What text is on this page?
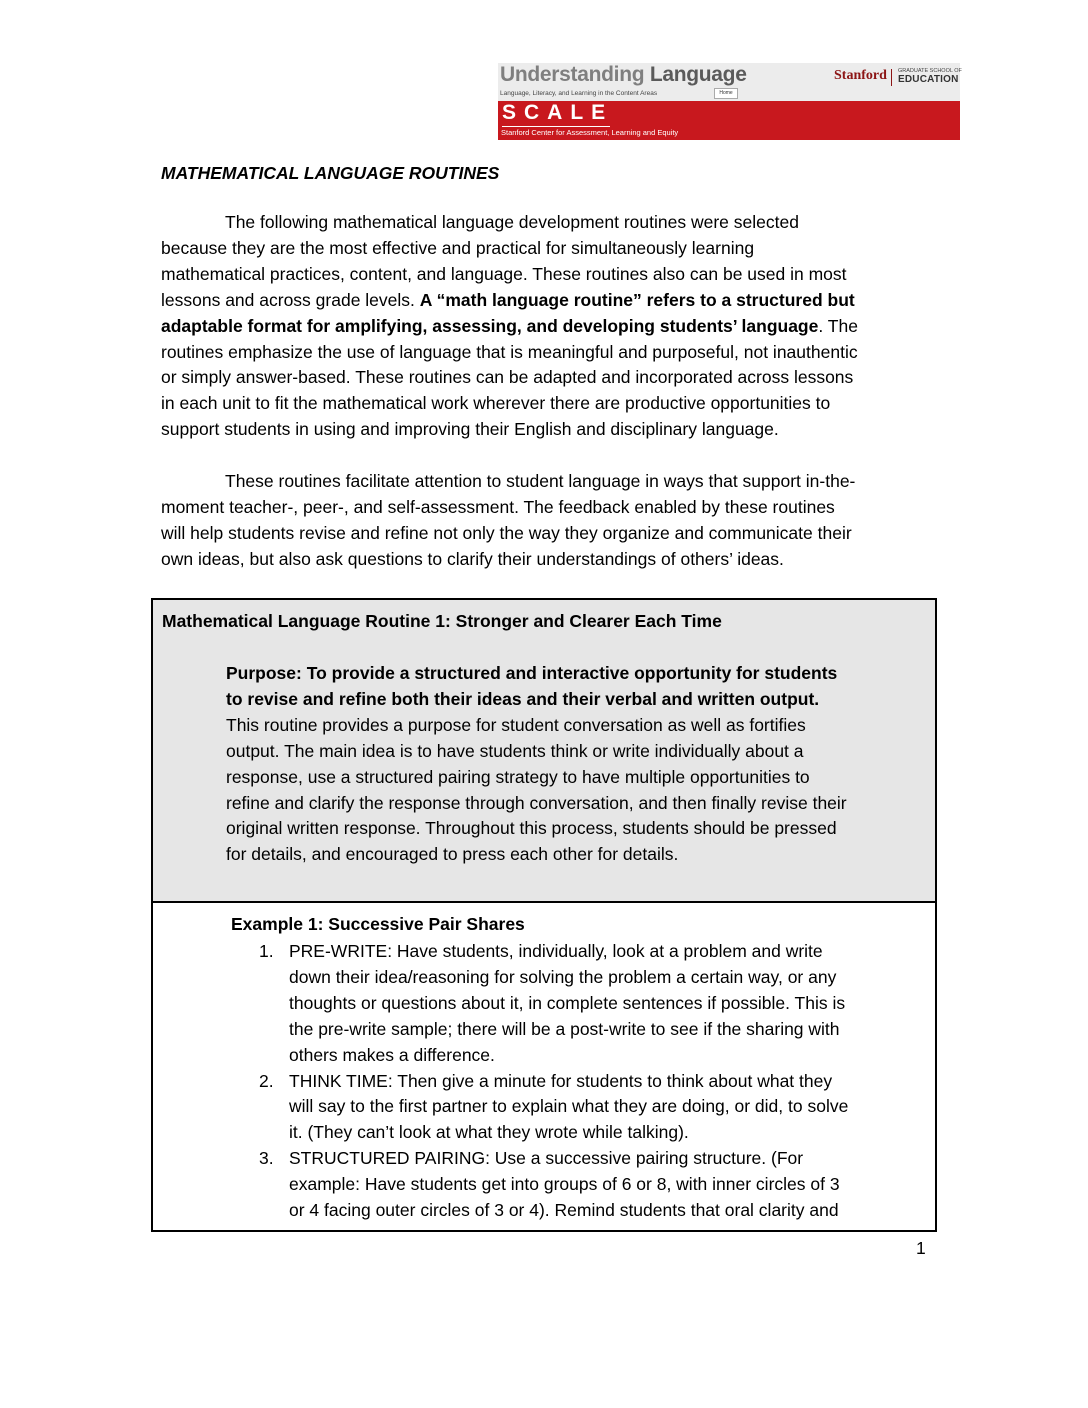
Understanding Language
Language, Literacy, and Learning in the Content Areas	Home
Stanford GRADUATE SCHOOL OF
EDUCATION
SCALE
Stanford Center for Assessment, Learning and Equity
MATHEMATICAL LANGUAGE ROUTINES

The following mathematical language development routines were selected
because they are the most effective and practical for simultaneously learning
mathematical practices, content, and language. These routines also can be used in most
lessons and across grade levels. A “math language routine” refers to a structured but
adaptable format for amplifying, assessing, and developing students’ language. The
routines emphasize the use of language that is meaningful and purposeful, not inauthentic
or simply answer-based. These routines can be adapted and incorporated across lessons
in each unit to fit the mathematical work wherever there are productive opportunities to
support students in using and improving their English and disciplinary language.

These routines facilitate attention to student language in ways that support in-the-
moment teacher-, peer-, and self-assessment. The feedback enabled by these routines
will help students revise and refine not only the way they organize and communicate their
own ideas, but also ask questions to clarify their understandings of others’ ideas.

Mathematical Language Routine 1: Stronger and Clearer Each Time
Purpose: To provide a structured and interactive opportunity for students
to revise and refine both their ideas and their verbal and written output.
This routine provides a purpose for student conversation as well as fortifies
output. The main idea is to have students think or write individually about a
response, use a structured pairing strategy to have multiple opportunities to
refine and clarify the response through conversation, and then finally revise their
original written response. Throughout this process, students should be pressed
for details, and encouraged to press each other for details.
Example 1: Successive Pair Shares
1. PRE-WRITE: Have students, individually, look at a problem and write
down their idea/reasoning for solving the problem a certain way, or any
thoughts or questions about it, in complete sentences if possible. This is
the pre-write sample; there will be a post-write to see if the sharing with
others makes a difference.
2. THINK TIME: Then give a minute for students to think about what they
will say to the first partner to explain what they are doing, or did, to solve
it. (They can’t look at what they wrote while talking).
3. STRUCTURED PAIRING: Use a successive pairing structure. (For
example: Have students get into groups of 6 or 8, with inner circles of 3
or 4 facing outer circles of 3 or 4). Remind students that oral clarity and
1
